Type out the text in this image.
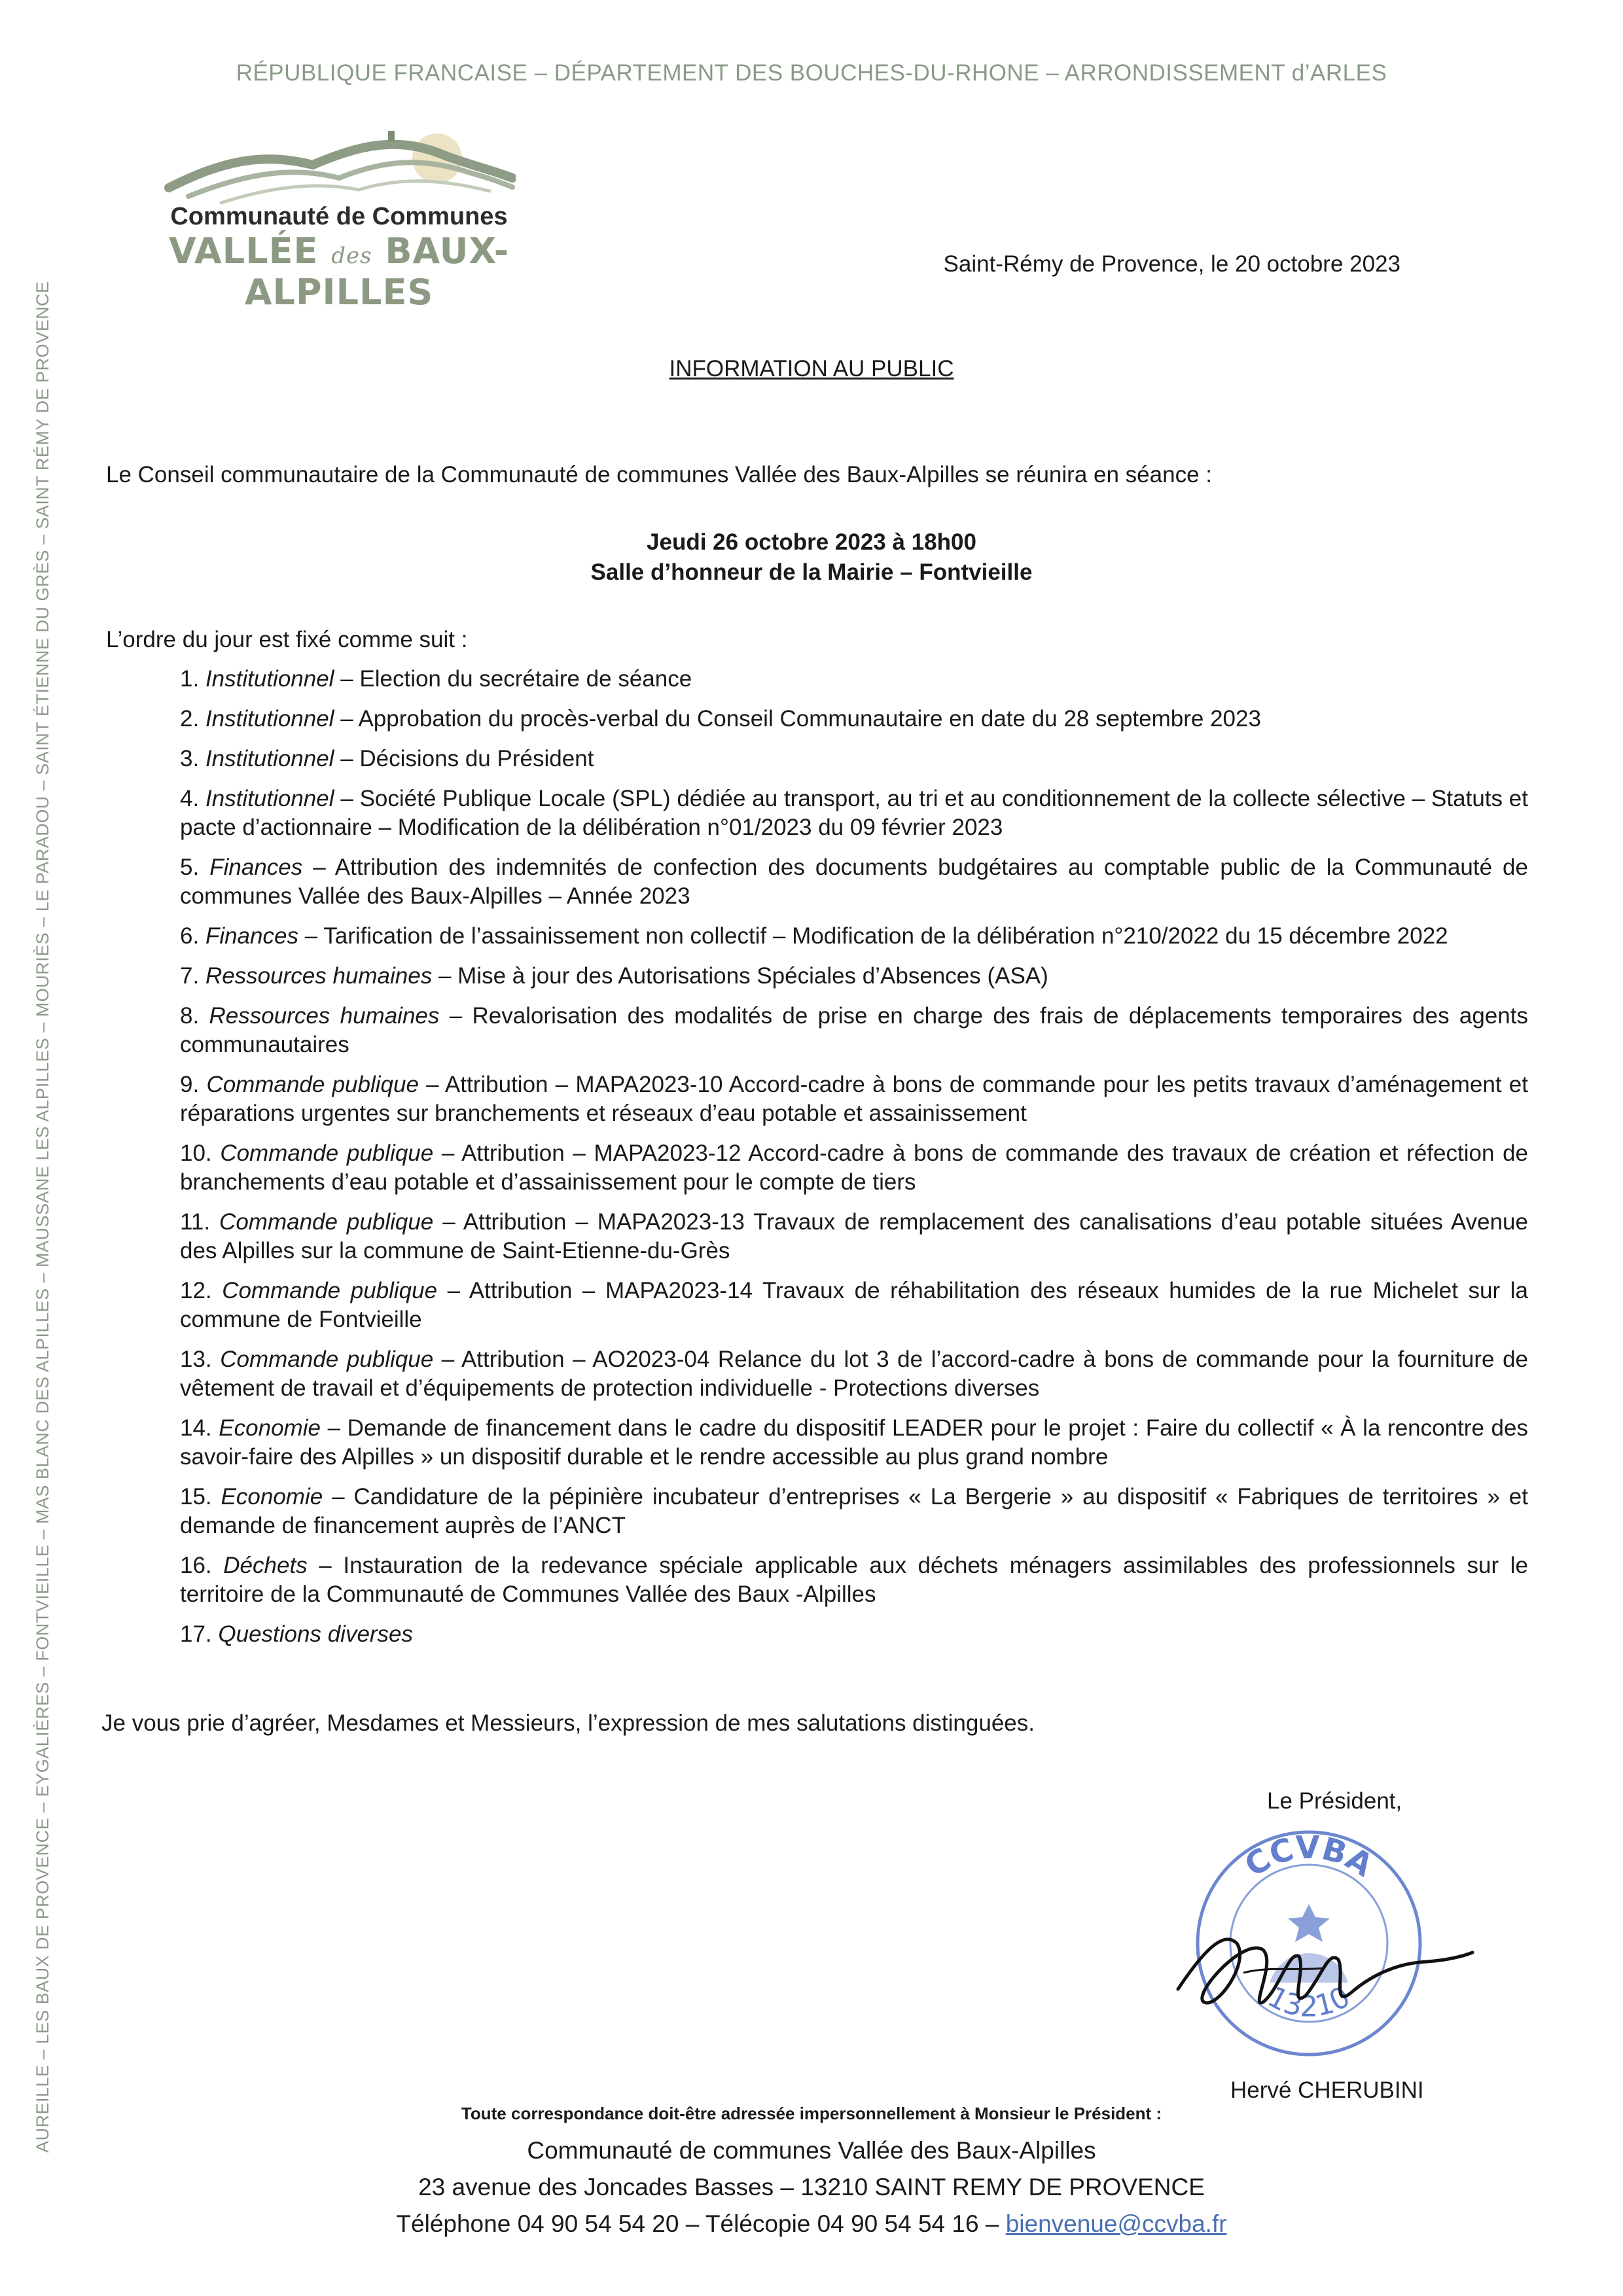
RÉPUBLIQUE FRANCAISE – DÉPARTEMENT DES BOUCHES-DU-RHONE – ARRONDISSEMENT d’ARLES
Communauté de Communes
VALLÉE des BAUX-ALPILLES
Saint-Rémy de Provence, le 20 octobre 2023
AUREILLE – LES BAUX DE PROVENCE – EYGALIÈRES – FONTVIEILLE – MAS BLANC DES ALPILLES – MAUSSANE LES ALPILLES – MOURIÈS – LE PARADOU – SAINT ÉTIENNE DU GRÈS – SAINT RÉMY DE PROVENCE	INFORMATION AU PUBLIC
Le Conseil communautaire de la Communauté de communes Vallée des Baux-Alpilles se réunira en séance :
Jeudi 26 octobre 2023 à 18h00
Salle d’honneur de la Mairie – Fontvieille
L’ordre du jour est fixé comme suit :
1. Institutionnel – Election du secrétaire de séance
2. Institutionnel – Approbation du procès-verbal du Conseil Communautaire en date du 28 septembre 2023
3. Institutionnel – Décisions du Président
4. Institutionnel – Société Publique Locale (SPL) dédiée au transport, au tri et au conditionnement de la collecte sélective – Statuts et pacte d’actionnaire – Modification de la délibération n°01/2023 du 09 février 2023
5. Finances – Attribution des indemnités de confection des documents budgétaires au comptable public de la Communauté de communes Vallée des Baux-Alpilles – Année 2023
6. Finances – Tarification de l’assainissement non collectif – Modification de la délibération n°210/2022 du 15 décembre 2022
7. Ressources humaines – Mise à jour des Autorisations Spéciales d’Absences (ASA)
8. Ressources humaines – Revalorisation des modalités de prise en charge des frais de déplacements temporaires des agents communautaires
9. Commande publique – Attribution – MAPA2023-10 Accord-cadre à bons de commande pour les petits travaux d’aménagement et réparations urgentes sur branchements et réseaux d’eau potable et assainissement
10. Commande publique – Attribution – MAPA2023-12 Accord-cadre à bons de commande des travaux de création et réfection de branchements d’eau potable et d’assainissement pour le compte de tiers
11. Commande publique – Attribution – MAPA2023-13 Travaux de remplacement des canalisations d’eau potable situées Avenue des Alpilles sur la commune de Saint-Etienne-du-Grès
12. Commande publique – Attribution – MAPA2023-14 Travaux de réhabilitation des réseaux humides de la rue Michelet sur la commune de Fontvieille
13. Commande publique – Attribution – AO2023-04 Relance du lot 3 de l’accord-cadre à bons de commande pour la fourniture de vêtement de travail et d’équipements de protection individuelle - Protections diverses
14. Economie – Demande de financement dans le cadre du dispositif LEADER pour le projet : Faire du collectif « À la rencontre des savoir-faire des Alpilles » un dispositif durable et le rendre accessible au plus grand nombre
15. Economie – Candidature de la pépinière incubateur d’entreprises « La Bergerie » au dispositif « Fabriques de territoires » et demande de financement auprès de l’ANCT
16. Déchets – Instauration de la redevance spéciale applicable aux déchets ménagers assimilables des professionnels sur le territoire de la Communauté de Communes Vallée des Baux -Alpilles
17. Questions diverses
Je vous prie d’agréer, Mesdames et Messieurs, l’expression de mes salutations distinguées.
Le Président,
CCVBA
13210
Hervé CHERUBINI
Toute correspondance doit-être adressée impersonnellement à Monsieur le Président :
Communauté de communes Vallée des Baux-Alpilles
23 avenue des Joncades Basses – 13210 SAINT REMY DE PROVENCE
Téléphone 04 90 54 54 20 – Télécopie 04 90 54 54 16 – bienvenue@ccvba.fr
